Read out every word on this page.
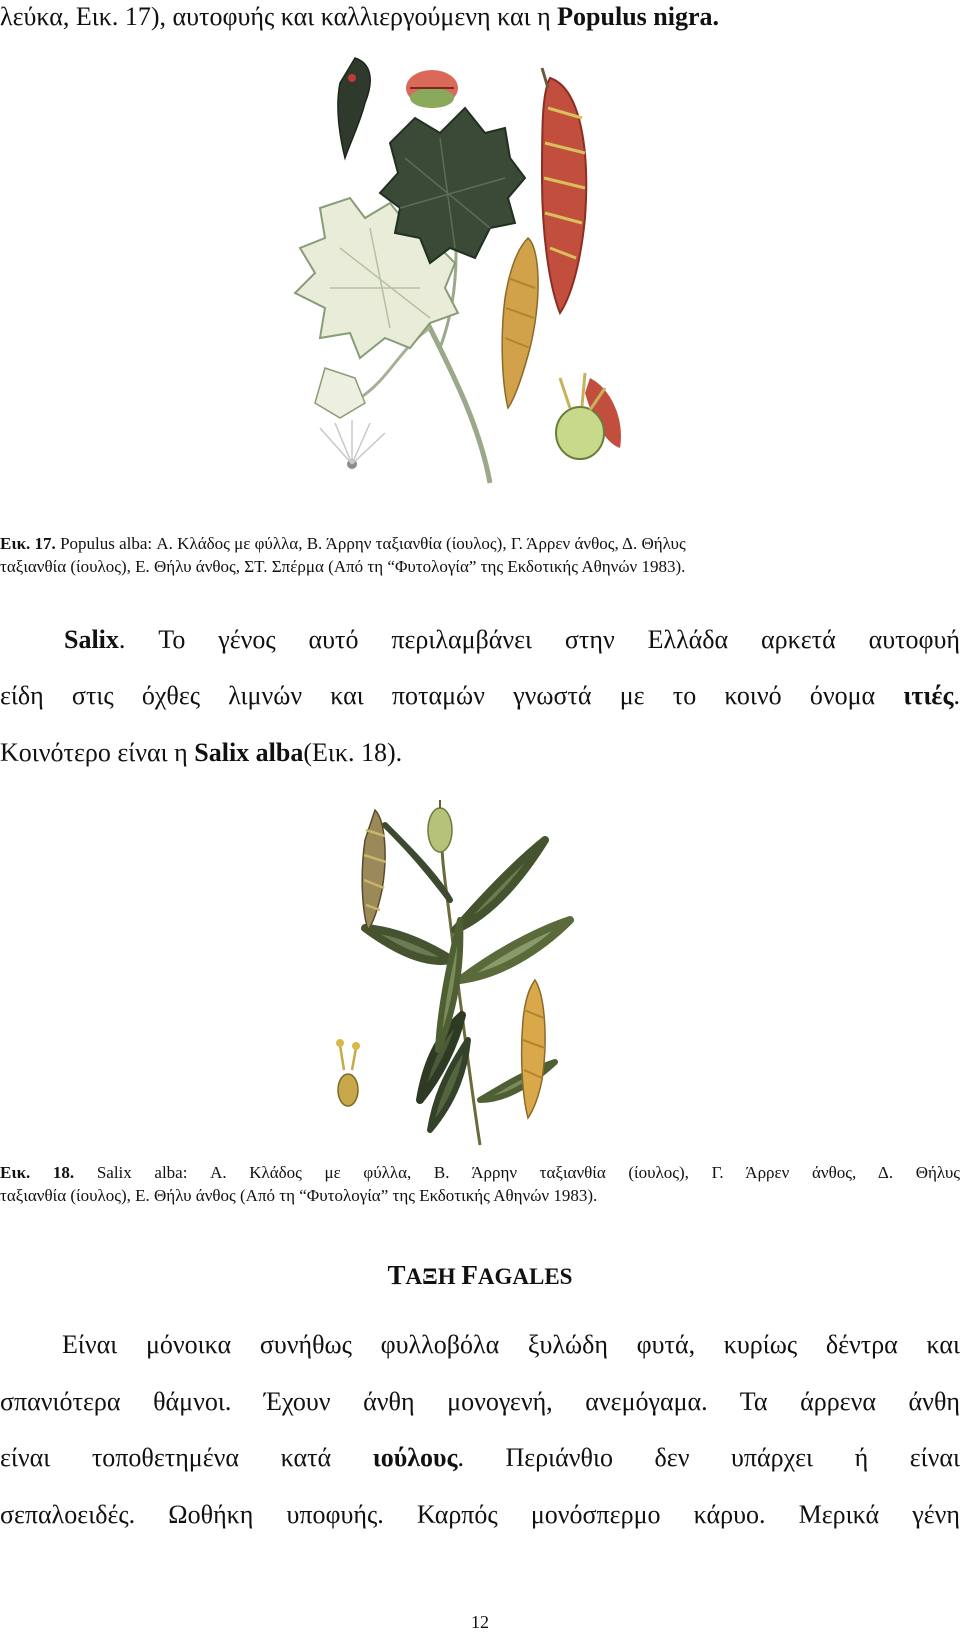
λεύκα, Εικ. 17), αυτοφυής και καλλιεργούμενη και η Populus nigra.

Εικ. 17. Populus alba: Α. Κλάδος με φύλλα, Β. Άρρην ταξιανθία (ίουλος), Γ. Άρρεν άνθος, Δ. Θήλυς

ταξιανθία (ίουλος), Ε. Θήλυ άνθος, ΣΤ. Σπέρμα (Από τη “Φυτολογία” της Εκδοτικής Αθηνών 1983).

Salix. Το γένος αυτό περιλαμβάνει στην Ελλάδα αρκετά αυτοφυή

είδη στις όχθες λιμνών και ποταμών γνωστά με το κοινό όνομα ιτιές.

Κοινότερο είναι η Salix alba(Εικ. 18).

Εικ. 18. Salix alba: Α. Κλάδος με φύλλα, Β. Άρρην ταξιανθία (ίουλος), Γ. Άρρεν άνθος, Δ. Θήλυς

ταξιανθία (ίουλος), Ε. Θήλυ άνθος (Από τη “Φυτολογία” της Εκδοτικής Αθηνών 1983).

ΤΑΞΗ FAGALES

Είναι μόνοικα συνήθως φυλλοβόλα ξυλώδη φυτά, κυρίως δέντρα και

σπανιότερα θάμνοι. Έχουν άνθη μονογενή, ανεμόγαμα. Τα άρρενα άνθη

είναι τοποθετημένα κατά ιούλους. Περιάνθιο δεν υπάρχει ή είναι

σεπαλοειδές. Ωοθήκη υποφυής. Καρπός μονόσπερμο κάρυο. Μερικά γένη

12
